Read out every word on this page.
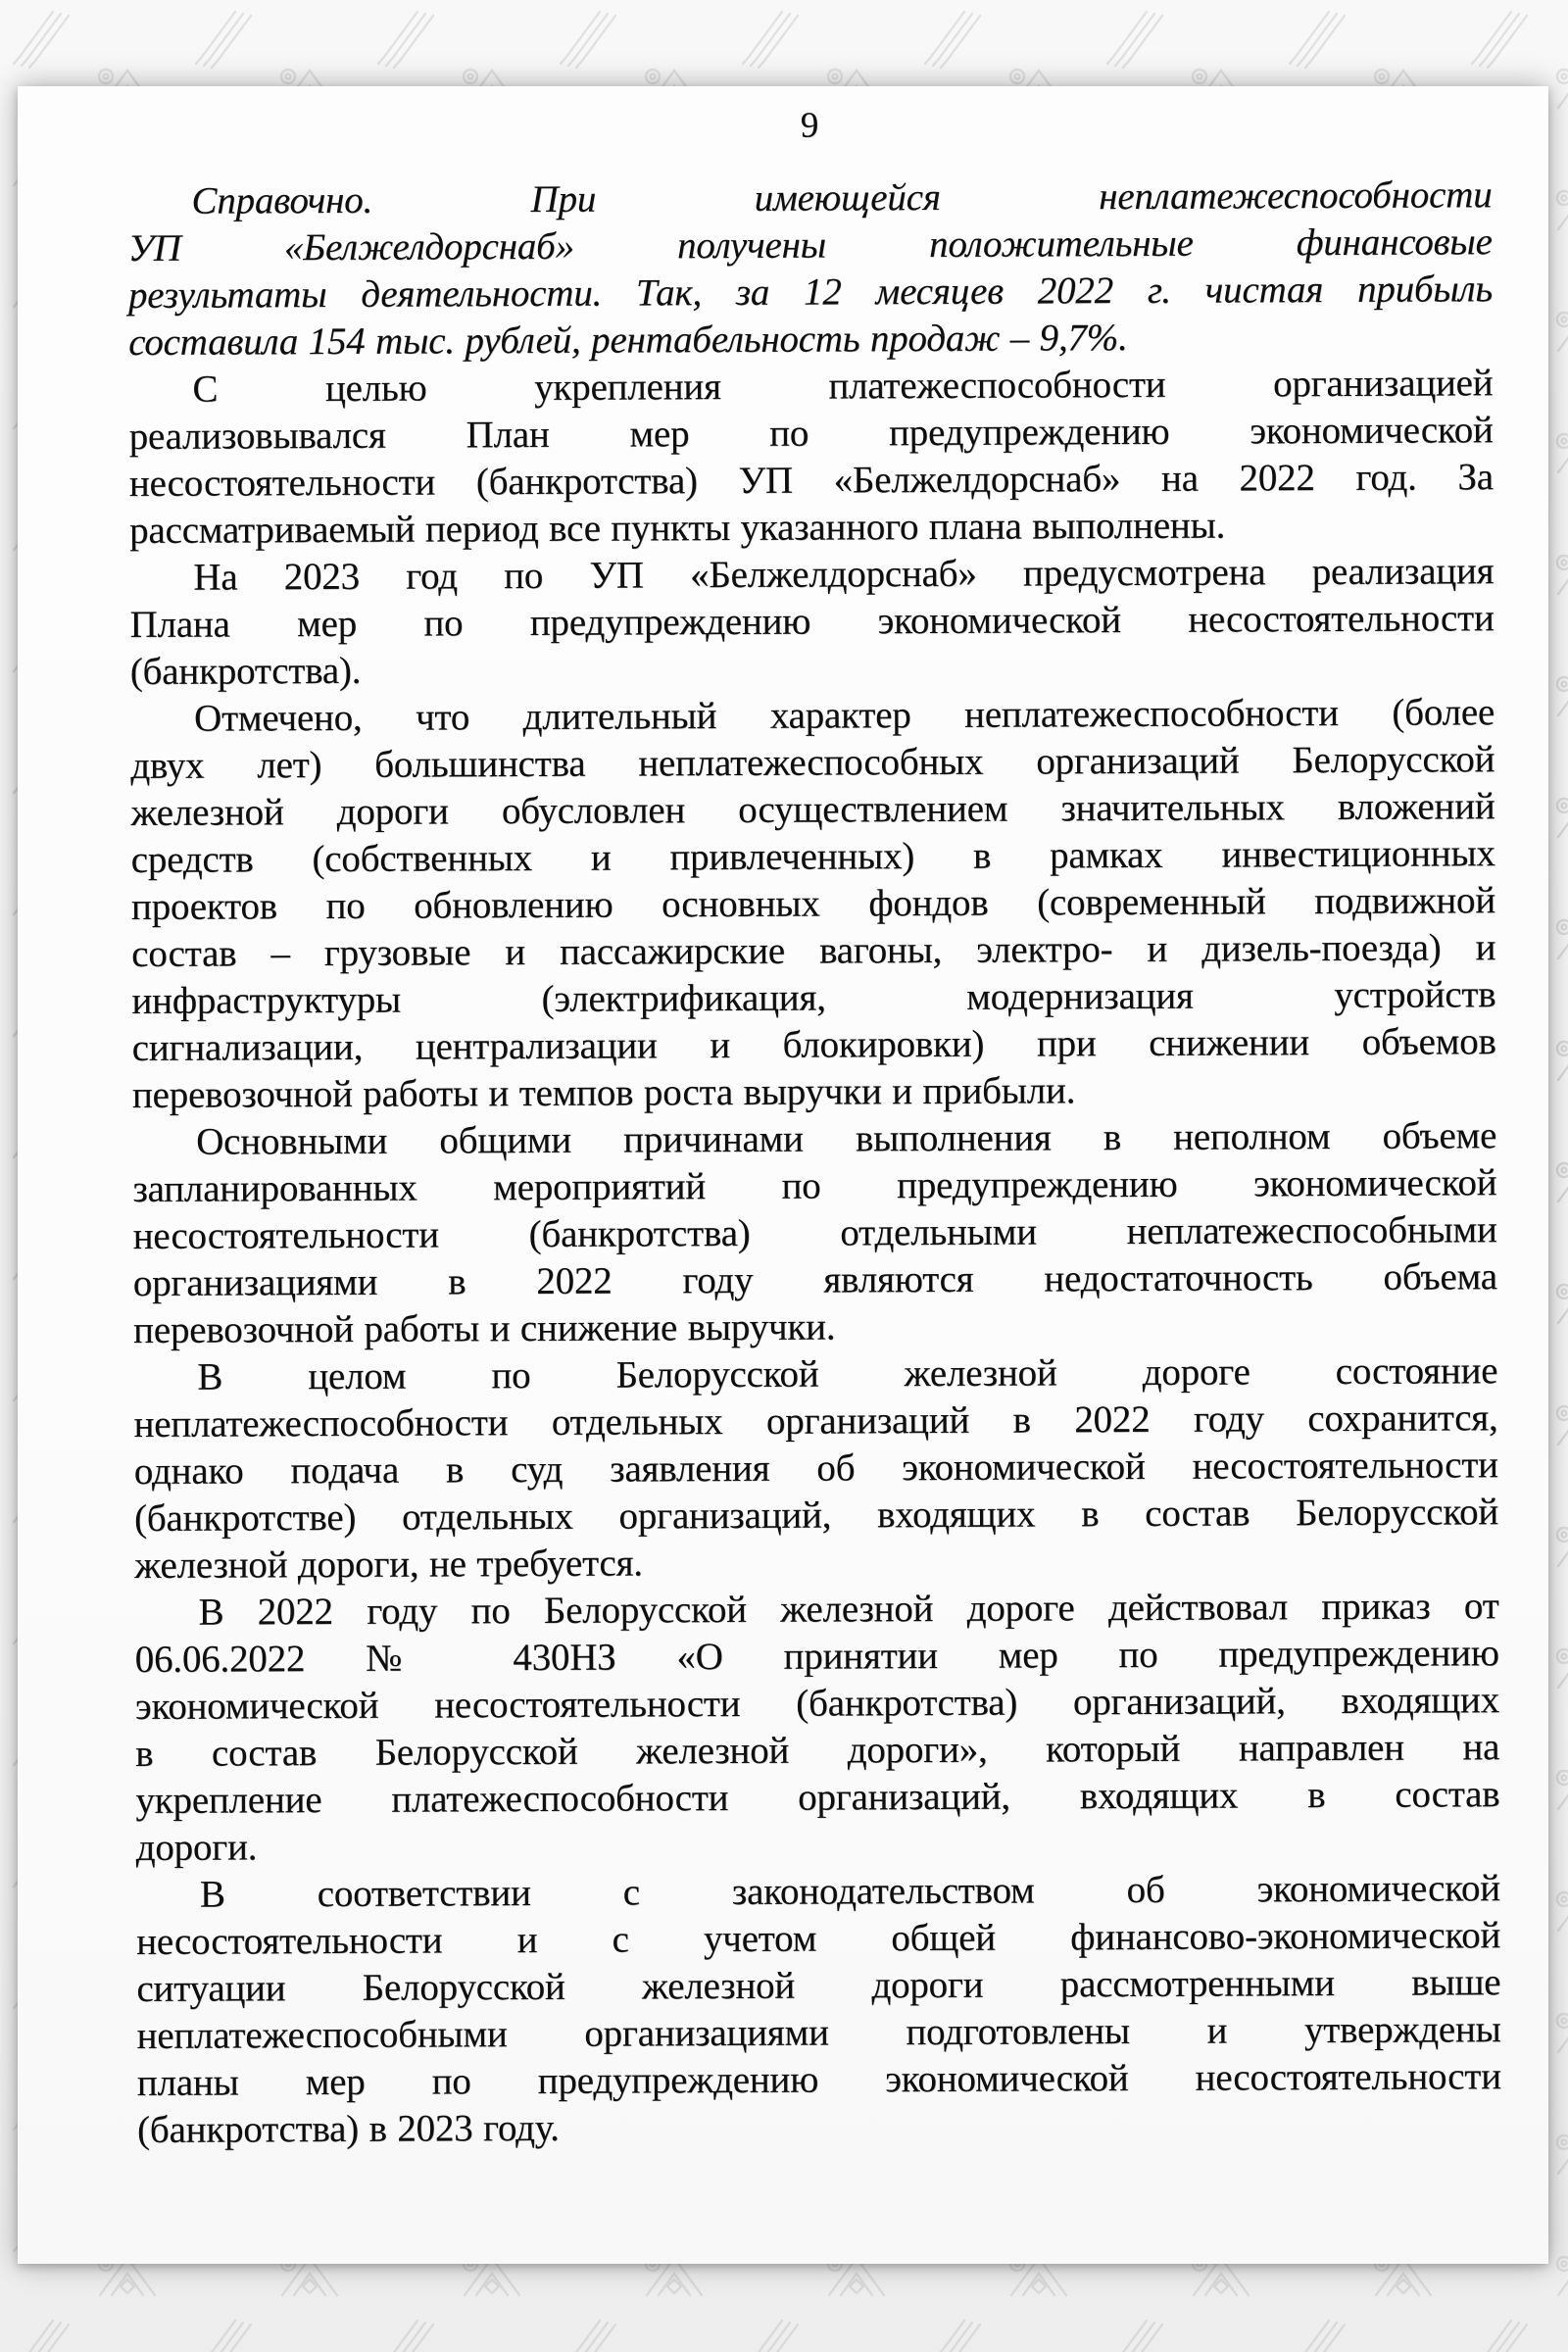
9
Справочно. При имеющейся неплатежеспособности
УП «Белжелдорснаб» получены положительные финансовые
результаты деятельности. Так, за 12 месяцев 2022 г. чистая прибыль
составила 154 тыс. рублей, рентабельность продаж – 9,7%.
С целью укрепления платежеспособности организацией
реализовывался План мер по предупреждению экономической
несостоятельности (банкротства) УП «Белжелдорснаб» на 2022 год. За
рассматриваемый период все пункты указанного плана выполнены.
На 2023 год по УП «Белжелдорснаб» предусмотрена реализация
Плана мер по предупреждению экономической несостоятельности
(банкротства).
Отмечено, что длительный характер неплатежеспособности (более
двух лет) большинства неплатежеспособных организаций Белорусской
железной дороги обусловлен осуществлением значительных вложений
средств (собственных и привлеченных) в рамках инвестиционных
проектов по обновлению основных фондов (современный подвижной
состав – грузовые и пассажирские вагоны, электро- и дизель-поезда) и
инфраструктуры (электрификация, модернизация устройств
сигнализации, централизации и блокировки) при снижении объемов
перевозочной работы и темпов роста выручки и прибыли.
Основными общими причинами выполнения в неполном объеме
запланированных мероприятий по предупреждению экономической
несостоятельности (банкротства) отдельными неплатежеспособными
организациями в 2022 году являются недостаточность объема
перевозочной работы и снижение выручки.
В целом по Белорусской железной дороге состояние
неплатежеспособности отдельных организаций в 2022 году сохранится,
однако подача в суд заявления об экономической несостоятельности
(банкротстве) отдельных организаций, входящих в состав Белорусской
железной дороги, не требуется.
В 2022 году по Белорусской железной дороге действовал приказ от
06.06.2022 № 430НЗ «О принятии мер по предупреждению
экономической несостоятельности (банкротства) организаций, входящих
в состав Белорусской железной дороги», который направлен на
укрепление платежеспособности организаций, входящих в состав
дороги.
В соответствии с законодательством об экономической
несостоятельности и с учетом общей финансово-экономической
ситуации Белорусской железной дороги рассмотренными выше
неплатежеспособными организациями подготовлены и утверждены
планы мер по предупреждению экономической несостоятельности
(банкротства) в 2023 году.
